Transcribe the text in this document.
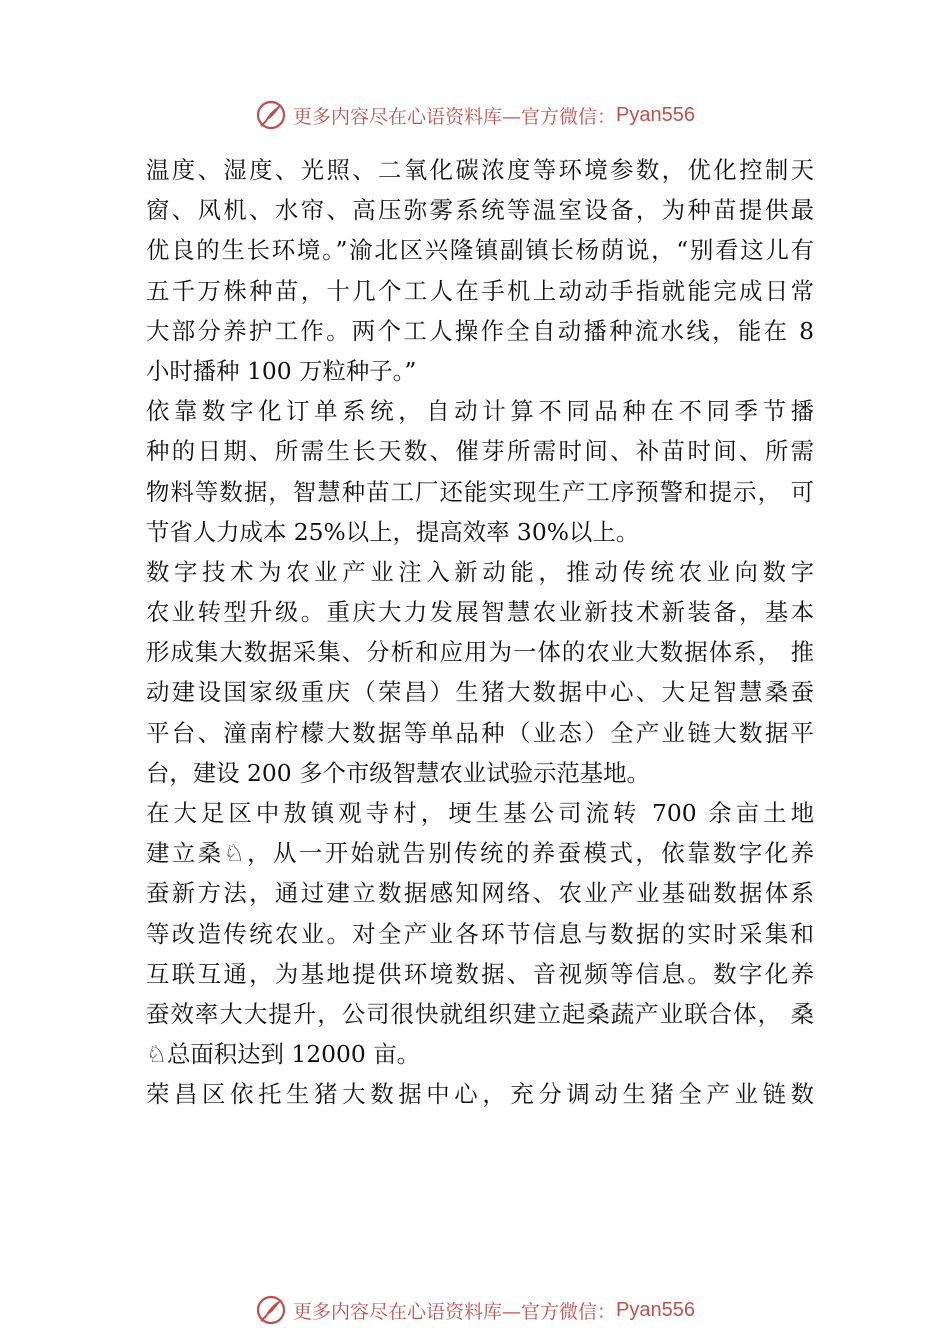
更多内容尽在心语资料库—官方微信： Pyan556
温度、湿度、光照、二氧化碳浓度等环境参数，优化控制天
窗、风机、水帘、高压弥雾系统等温室设备，为种苗提供最
优良的生长环境。”渝北区兴隆镇副镇长杨荫说，“别看这儿有
五千万株种苗，十几个工人在手机上动动手指就能完成日常
大部分养护工作。两个工人操作全自动播种流水线，能在 8
小时播种 100 万粒种子。”
依靠数字化订单系统，自动计算不同品种在不同季节播
种的日期、所需生长天数、催芽所需时间、补苗时间、所需
物料等数据，智慧种苗工厂还能实现生产工序预警和提示， 可
节省人力成本 25%以上，提高效率 30%以上。
数字技术为农业产业注入新动能，推动传统农业向数字
农业转型升级。重庆大力发展智慧农业新技术新装备，基本
形成集大数据采集、分析和应用为一体的农业大数据体系， 推
动建设国家级重庆（荣昌）生猪大数据中心、大足智慧桑蚕
平台、潼南柠檬大数据等单品种（业态）全产业链大数据平
台，建设 200 多个市级智慧农业试验示范基地。
在大足区中敖镇观寺村，埂生基公司流转 700 余亩土地
建立桑♘，从一开始就告别传统的养蚕模式，依靠数字化养
蚕新方法，通过建立数据感知网络、农业产业基础数据体系
等改造传统农业。对全产业各环节信息与数据的实时采集和
互联互通，为基地提供环境数据、音视频等信息。数字化养
蚕效率大大提升，公司很快就组织建立起桑蔬产业联合体， 桑
♘总面积达到 12000 亩。
荣昌区依托生猪大数据中心，充分调动生猪全产业链数
更多内容尽在心语资料库—官方微信： Pyan556
